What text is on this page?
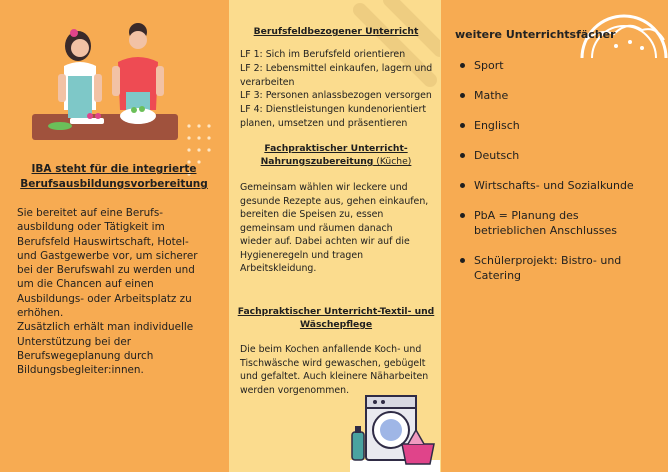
IBA steht für die integrierte
Berufsausbildungsvorbereitung

Sie bereitet auf eine Berufs-

ausbildung oder Tätigkeit im

Berufsfeld Hauswirtschaft, Hotel-

und Gastgewerbe vor, um sicherer

bei der Berufswahl zu werden und

um die Chancen auf einen

Ausbildungs- oder Arbeitsplatz zu

erhöhen.

Zusätzlich erhält man individuelle

Unterstützung bei der

Berufswegeplanung durch

Bildungsbegleiter:innen.

Berufsfeldbezogener Unterricht
LF 1: Sich im Berufsfeld orientieren
LF 2: Lebensmittel einkaufen, lagern und
verarbeiten
LF 3: Personen anlassbezogen versorgen
LF 4: Dienstleistungen kundenorientiert
planen, umsetzen und präsentieren
Fachpraktischer Unterricht-
Nahrungszubereitung (Küche)
Gemeinsam wählen wir leckere und
gesunde Rezepte aus, gehen einkaufen,
bereiten die Speisen zu, essen
gemeinsam und räumen danach
wieder auf. Dabei achten wir auf die
Hygieneregeln und tragen
Arbeitskleidung.
Fachpraktischer Unterricht-Textil- und
Wäschepflege
Die beim Kochen anfallende Koch- und
Tischwäsche wird gewaschen, gebügelt
und gefaltet. Auch kleinere Näharbeiten
werden vorgenommen.
weitere Unterrichtsfächer
Sport
Mathe
Englisch
Deutsch
Wirtschafts- und Sozialkunde
PbA = Planung des
betrieblichen Anschlusses
Schülerprojekt: Bistro- und
Catering
